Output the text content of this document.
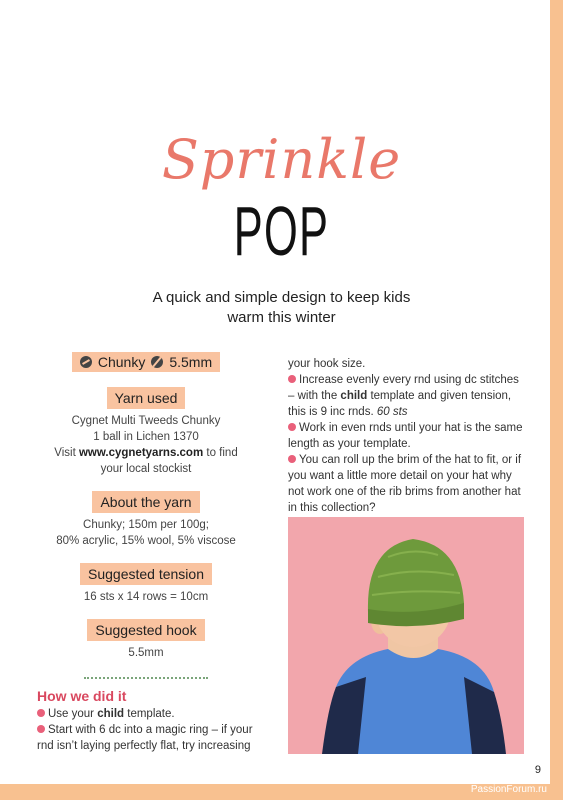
Sprinkle
POP
A quick and simple design to keep kids
warm this winter
Chunky 5.5mm
Yarn used

Cygnet Multi Tweeds Chunky

1 ball in Lichen 1370

Visit www.cygnetyarns.com to find

your local stockist

About the yarn

Chunky; 150m per 100g;

80% acrylic, 15% wool, 5% viscose

Suggested tension

16 sts x 14 rows = 10cm

Suggested hook

5.5mm

How we did it

Use your child template.

Start with 6 dc into a magic ring – if your rnd isn’t laying perfectly flat, try increasing

your hook size.

Increase evenly every rnd using dc stitches – with the child template and given tension, this is 9 inc rnds. 60 sts

Work in even rnds until your hat is the same length as your template.

You can roll up the brim of the hat to fit, or if you want a little more detail on your hat why not work one of the rib brims from another hat in this collection?

9
PassionForum.ru
